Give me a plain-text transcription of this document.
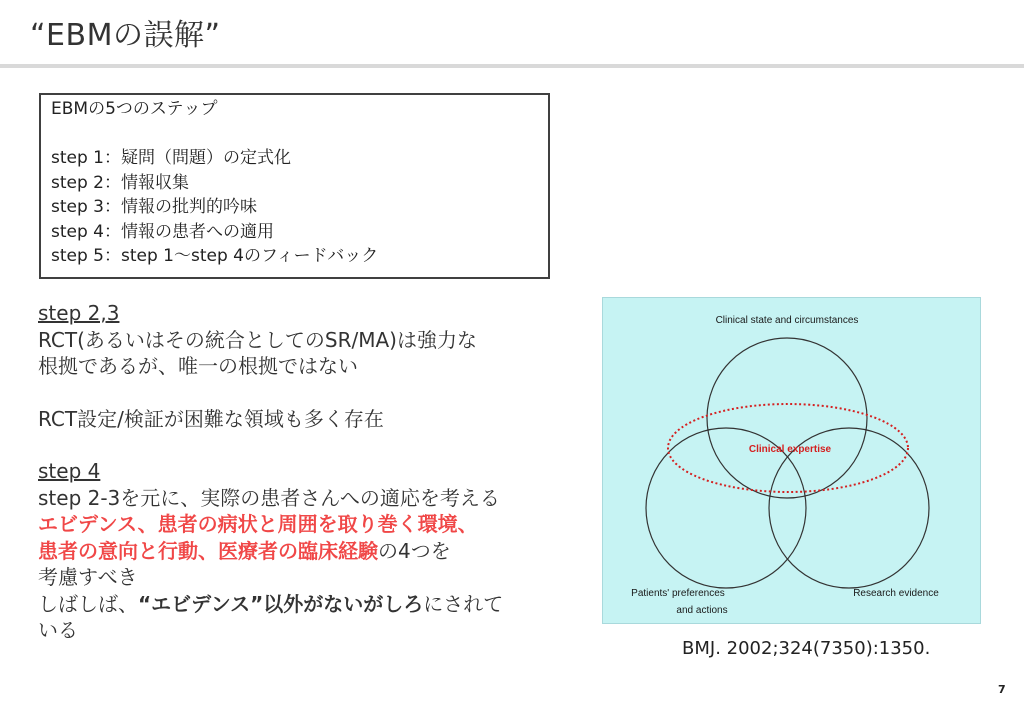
“EBMの誤解”
EBMの5つのステップ
step 1：疑問（問題）の定式化
step 2：情報収集
step 3：情報の批判的吟味
step 4：情報の患者への適用
step 5：step 1～step 4のフィードバック
step 2,3
RCT(あるいはその統合としてのSR/MA)は強力な
根拠であるが、唯一の根拠ではない
RCT設定/検証が困難な領域も多く存在
step 4
step 2-3を元に、実際の患者さんへの適応を考える
エビデンス、患者の病状と周囲を取り巻く環境、
患者の意向と行動、医療者の臨床経験の4つを
考慮すべき
しばしば、“エビデンス”以外がないがしろにされて
いる
Clinical state and circumstances
Clinical expertise
Patients' preferences
and actions
Research evidence
BMJ. 2002;324(7350):1350.
7
